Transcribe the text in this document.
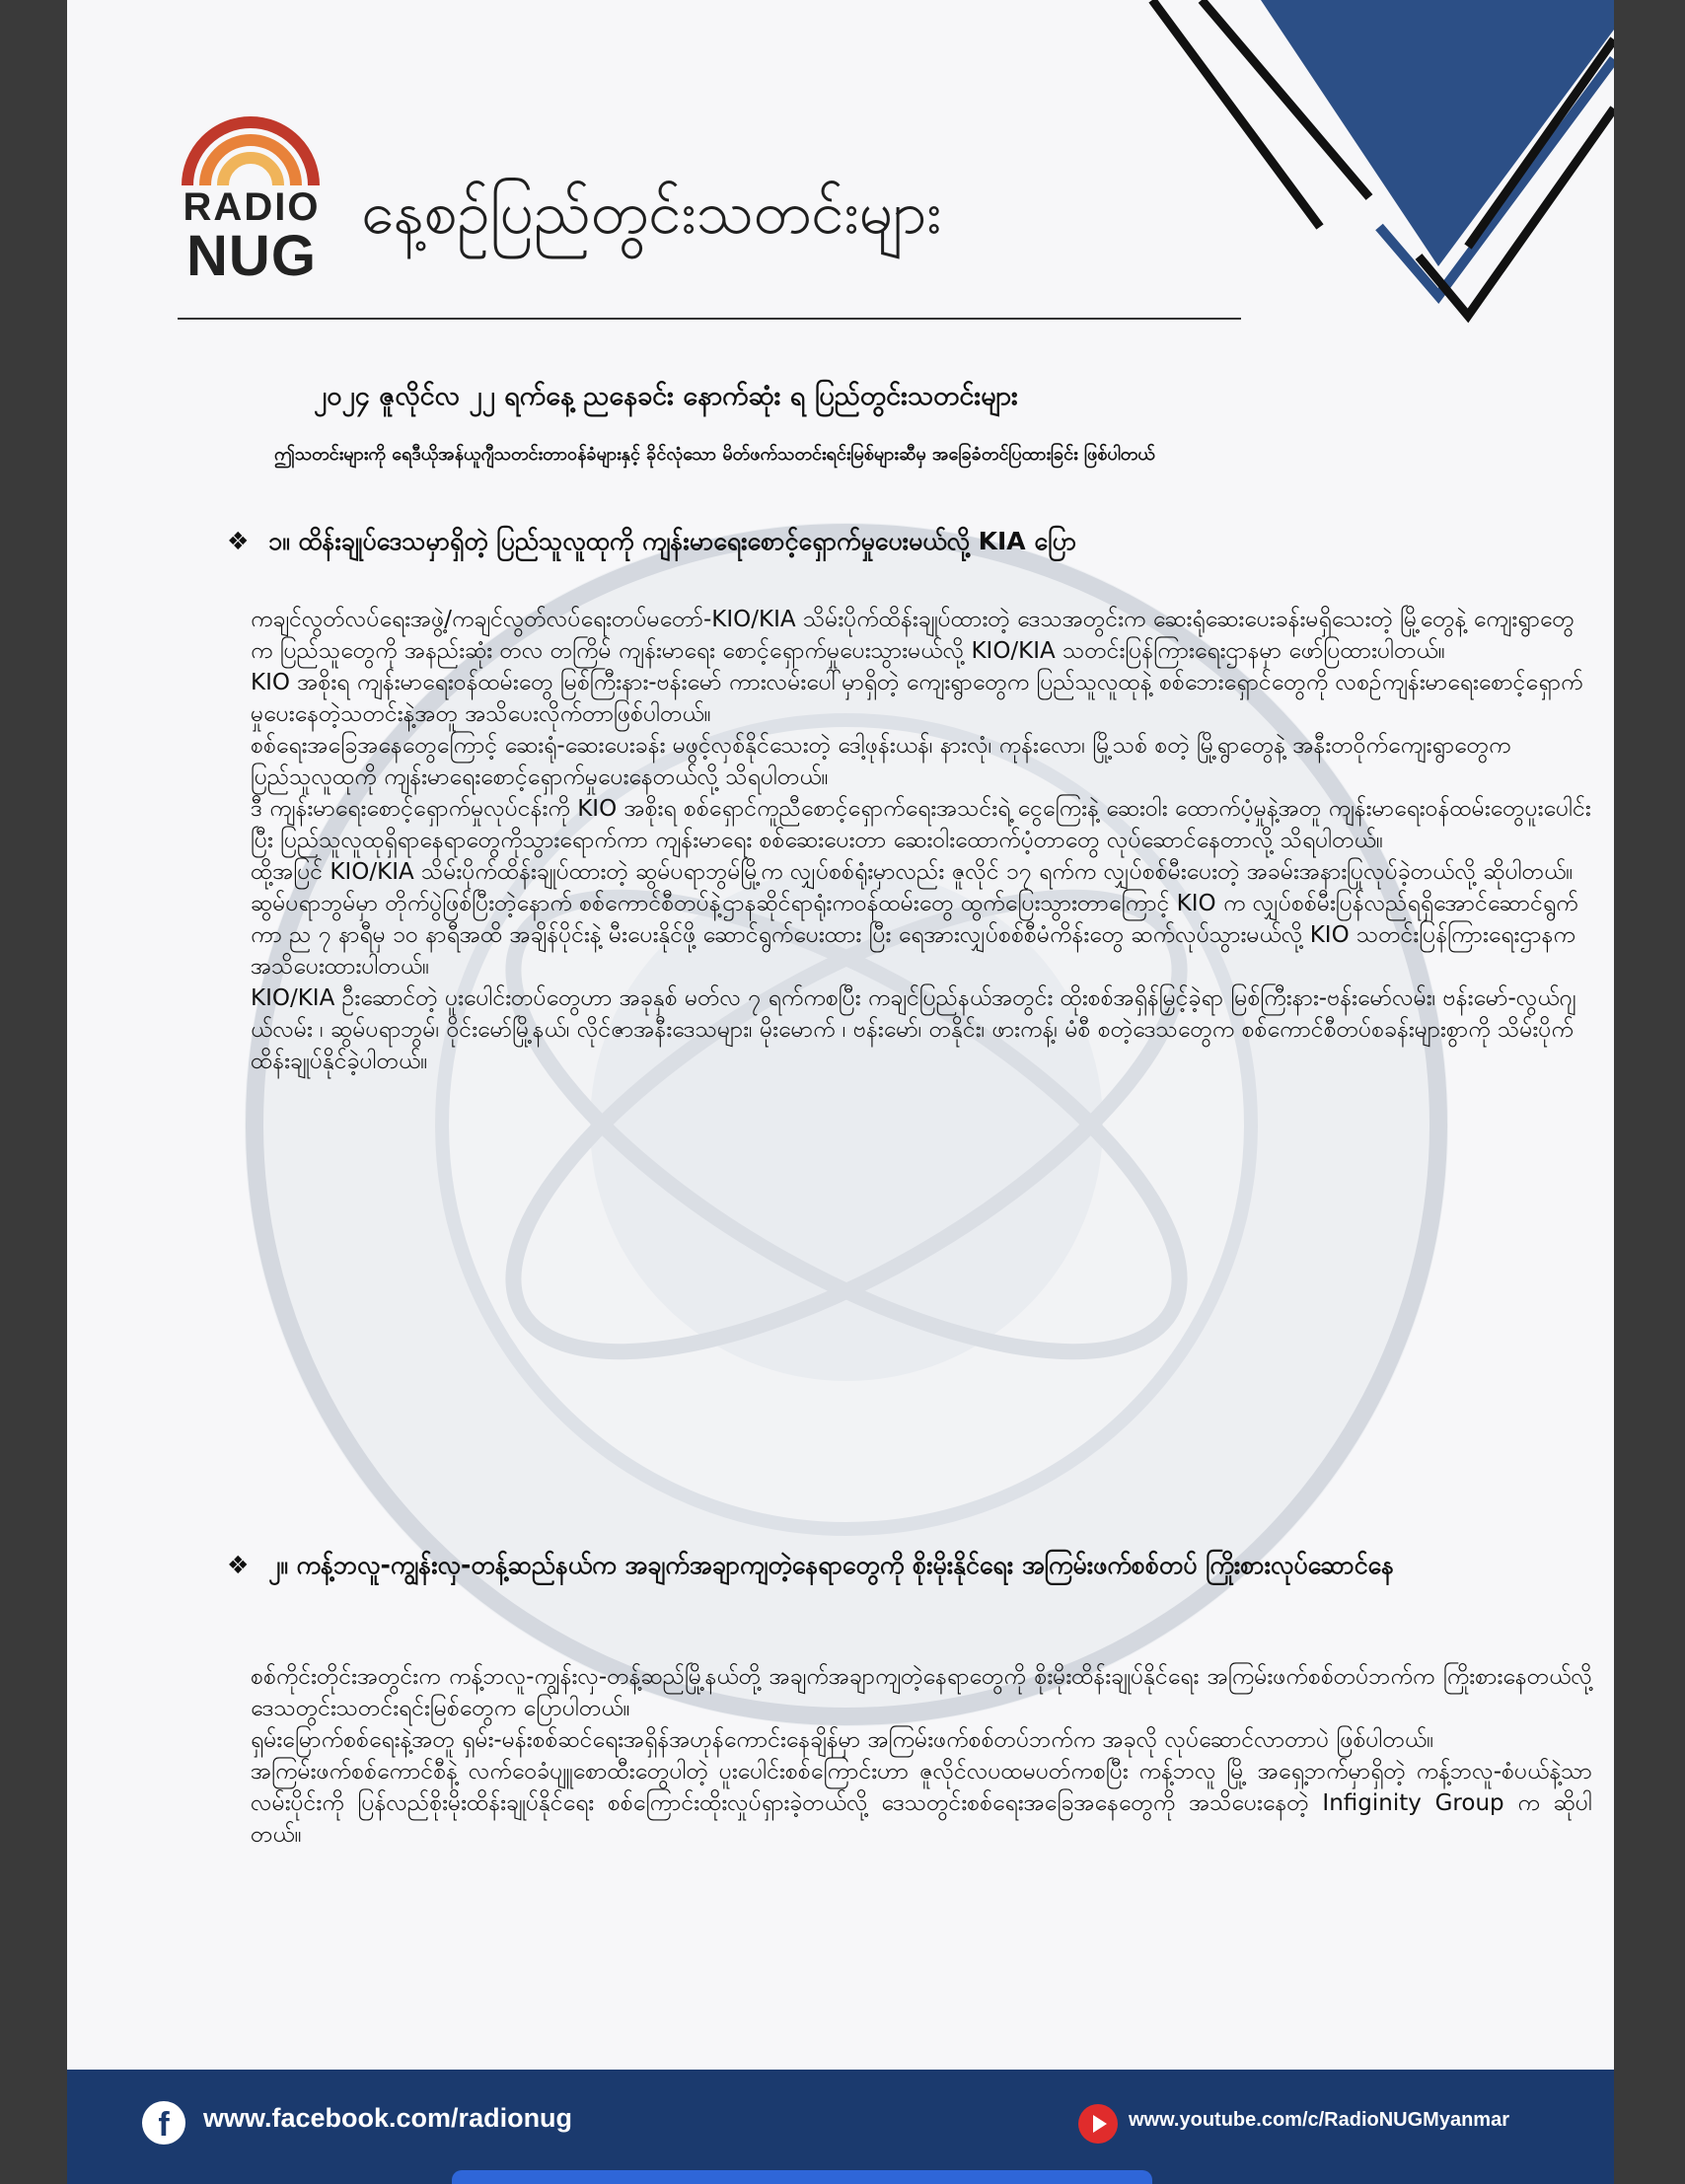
RADIO
NUG
နေ့စဉ်ပြည်တွင်းသတင်းများ
၂၀၂၄ ဇူလိုင်လ ၂၂ ရက်နေ့ ညနေခင်း နောက်ဆုံး ရ ပြည်တွင်းသတင်းများ
ဤသတင်းများကို ရေဒီယိုအန်ယူဂျီသတင်းတာဝန်ခံများနှင့် ခိုင်လုံသော မိတ်ဖက်သတင်းရင်းမြစ်များဆီမှ အခြေခံတင်ပြထားခြင်း ဖြစ်ပါတယ်
❖ ၁။ ထိန်းချုပ်ဒေသမှာရှိတဲ့ ပြည်သူလူထုကို ကျန်းမာရေးစောင့်ရှောက်မှုပေးမယ်လို့ KIA ပြော

ကချင်လွတ်လပ်ရေးအဖွဲ့/ကချင်လွတ်လပ်ရေးတပ်မတော်-KIO/KIA သိမ်းပိုက်ထိန်းချုပ်ထားတဲ့ ဒေသအတွင်းက ဆေးရုံဆေးပေးခန်းမရှိသေးတဲ့ မြို့တွေနဲ့ ကျေးရွာတွေက ပြည်သူတွေကို အနည်းဆုံး တလ တကြိမ် ကျန်းမာရေး စောင့်ရှောက်မှုပေးသွားမယ်လို့ KIO/KIA သတင်းပြန်ကြားရေးဌာနမှာ ဖော်ပြထားပါတယ်။

KIO အစိုးရ ကျန်းမာရေးဝန်ထမ်းတွေ မြစ်ကြီးနား-ဗန်းမော် ကားလမ်းပေါ်မှာရှိတဲ့ ကျေးရွာတွေက ပြည်သူလူထုနဲ့ စစ်ဘေးရှောင်တွေကို လစဉ်ကျန်းမာရေးစောင့်ရှောက်မှုပေးနေတဲ့သတင်းနဲ့အတူ အသိပေးလိုက်တာဖြစ်ပါတယ်။

စစ်ရေးအခြေအနေတွေကြောင့် ဆေးရုံ-ဆေးပေးခန်း မဖွင့်လှစ်နိုင်သေးတဲ့ ဒေါ့ဖုန်းယန်၊ နားလုံ၊ ကုန်းလော၊ မြို့သစ် စတဲ့ မြို့ရွာတွေနဲ့ အနီးတဝိုက်ကျေးရွာတွေက ပြည်သူလူထုကို ကျန်းမာရေးစောင့်ရှောက်မှုပေးနေတယ်လို့ သိရပါတယ်။

ဒီ ကျန်းမာရေးစောင့်ရှောက်မှုလုပ်ငန်းကို KIO အစိုးရ စစ်ရှောင်ကူညီစောင့်ရှောက်ရေးအသင်းရဲ့ ငွေကြေးနဲ့ ဆေးဝါး ထောက်ပံ့မှုနဲ့အတူ ကျန်းမာရေးဝန်ထမ်းတွေပူးပေါင်းပြီး ပြည်သူလူထုရှိရာနေရာတွေကိုသွားရောက်ကာ ကျန်းမာရေး စစ်ဆေးပေးတာ ဆေးဝါးထောက်ပံ့တာတွေ လုပ်ဆောင်နေတာလို့ သိရပါတယ်။

ထို့အပြင် KIO/KIA သိမ်းပိုက်ထိန်းချုပ်ထားတဲ့ ဆွမ်ပရာဘွမ်မြို့က လျှပ်စစ်ရုံးမှာလည်း ဇူလိုင် ၁၇ ရက်က လျှပ်စစ်မီးပေးတဲ့ အခမ်းအနားပြုလုပ်ခဲ့တယ်လို့ ဆိုပါတယ်။

ဆွမ်ပရာဘွမ်မှာ တိုက်ပွဲဖြစ်ပြီးတဲ့နောက် စစ်ကောင်စီတပ်နဲ့ဌာနဆိုင်ရာရုံးကဝန်ထမ်းတွေ ထွက်ပြေးသွားတာကြောင့် KIO က လျှပ်စစ်မီးပြန်လည်ရရှိအောင်ဆောင်ရွက်ကာ ည ၇ နာရီမှ ၁၀ နာရီအထိ အချိန်ပိုင်းနဲ့ မီးပေးနိုင်ဖို့ ဆောင်ရွက်ပေးထား ပြီး ရေအားလျှပ်စစ်စီမံကိန်းတွေ ဆက်လုပ်သွားမယ်လို့ KIO သတင်းပြန်ကြားရေးဌာနက အသိပေးထားပါတယ်။

KIO/KIA ဦးဆောင်တဲ့ ပူးပေါင်းတပ်တွေဟာ အခုနှစ် မတ်လ ၇ ရက်ကစပြီး ကချင်ပြည်နယ်အတွင်း ထိုးစစ်အရှိန်မြှင့်ခဲ့ရာ မြစ်ကြီးနား-ဗန်းမော်လမ်း၊ ဗန်းမော်-လွယ်ဂျယ်လမ်း ၊ ဆွမ်ပရာဘွမ်၊ ဝိုင်းမော်မြို့နယ်၊ လိုင်ဇာအနီးဒေသများ၊ မိုးမောက် ၊ ဗန်းမော်၊ တနိုင်း၊ ဖားကန့်၊ မံစီ စတဲ့ဒေသတွေက စစ်ကောင်စီတပ်စခန်းများစွာကို သိမ်းပိုက်ထိန်းချုပ်နိုင်ခဲ့ပါတယ်။

❖ ၂။ ကန့်ဘလူ-ကျွန်းလှ-တန့်ဆည်နယ်က အချက်အချာကျတဲ့နေရာတွေကို စိုးမိုးနိုင်ရေး အကြမ်းဖက်စစ်တပ် ကြိုးစားလုပ်ဆောင်နေ

စစ်ကိုင်းတိုင်းအတွင်းက ကန့်ဘလူ-ကျွန်းလှ-တန့်ဆည်မြို့နယ်တို့ အချက်အချာကျတဲ့နေရာတွေကို စိုးမိုးထိန်းချုပ်နိုင်ရေး အကြမ်းဖက်စစ်တပ်ဘက်က ကြိုးစားနေတယ်လို့ ဒေသတွင်းသတင်းရင်းမြစ်တွေက ပြောပါတယ်။

ရှမ်းမြောက်စစ်ရေးနဲ့အတူ ရှမ်း-မန်းစစ်ဆင်ရေးအရှိန်အဟုန်ကောင်းနေချိန်မှာ အကြမ်းဖက်စစ်တပ်ဘက်က အခုလို လုပ်ဆောင်လာတာပဲ ဖြစ်ပါတယ်။

အကြမ်းဖက်စစ်ကောင်စီနဲ့ လက်ဝေခံပျူစောထီးတွေပါတဲ့ ပူးပေါင်းစစ်ကြောင်းဟာ ဇူလိုင်လပထမပတ်ကစပြီး ကန့်ဘလူ မြို့ အရှေ့ဘက်မှာရှိတဲ့ ကန့်ဘလူ-စံပယ်နဲ့သာလမ်းပိုင်းကို ပြန်လည်စိုးမိုးထိန်းချုပ်နိုင်ရေး စစ်ကြောင်းထိုးလှုပ်ရှားခဲ့တယ်လို့ ဒေသတွင်းစစ်ရေးအခြေအနေတွေကို အသိပေးနေတဲ့ Infiginity Group က ဆိုပါတယ်။

f	www.facebook.com/radionug	www.youtube.com/c/RadioNUGMyanmar
